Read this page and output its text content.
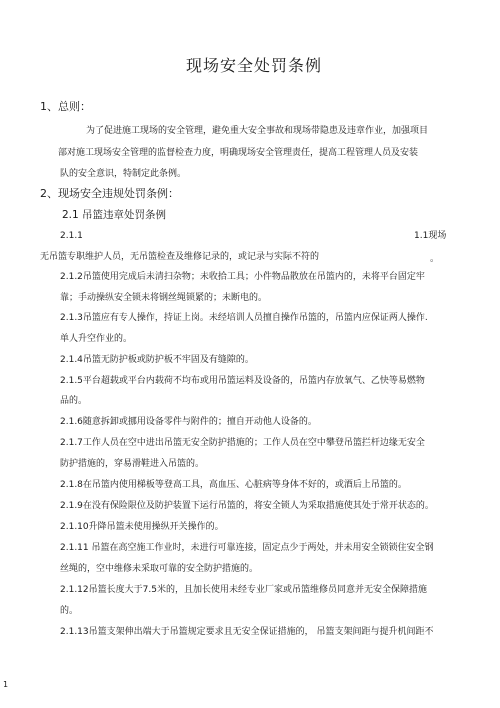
现场安全处罚条例
1、总则：
为了促进施工现场的安全管理，避免重大安全事故和现场带隐患及违章作业，加强项目
部对施工现场安全管理的监督检查力度，明确现场安全管理责任，提高工程管理人员及安装
队的安全意识，特制定此条例。
2、现场安全违规处罚条例：
2.1 吊篮违章处罚条例
2.1.1	1.1现场
无吊篮专职维护人员，无吊篮检查及维修记录的，或记录与实际不符的	。
2.1.2吊篮使用完成后未清扫杂物；未收拾工具；小件物品散放在吊篮内的，未将平台固定牢
靠；手动操纵安全锁未将钢丝绳锁紧的；未断电的。
2.1.3吊篮应有专人操作，持证上岗。未经培训人员擅自操作吊篮的，吊篮内应保证两人操作.
单人升空作业的。
2.1.4吊篮无防护板或防护板不牢固及有缝隙的。
2.1.5平台超载或平台内载荷不均布或用吊篮运料及设备的，吊篮内存放氧气、乙快等易燃物
品的。
2.1.6随意拆卸或挪用设备零件与附件的；擅自开动他人设备的。
2.1.7工作人员在空中进出吊篮无安全防护措施的；工作人员在空中攀登吊篮拦杆边缘无安全
防护措施的，穿易滑鞋进入吊篮的。
2.1.8在吊篮内使用梯板等登高工具，高血压、心脏病等身体不好的，或酒后上吊篮的。
2.1.9在没有保险限位及防护装置下运行吊篮的，将安全锁人为采取措施使其处于常开状态的。
2.1.10升降吊篮未使用操纵开关操作的。
2.1.11 吊篮在高空施工作业时，未进行可靠连接，固定点少于两处，并未用安全锁锁住安全钢
丝绳的，空中维修未采取可靠的安全防护措施的。
2.1.12吊篮长度大于7.5米的，且加长使用未经专业厂家或吊篮维修员同意并无安全保障措施
的。
2.1.13吊篮支架伸出端大于吊篮规定要求且无安全保证措施的， 吊篮支架间距与提升机间距不
1
